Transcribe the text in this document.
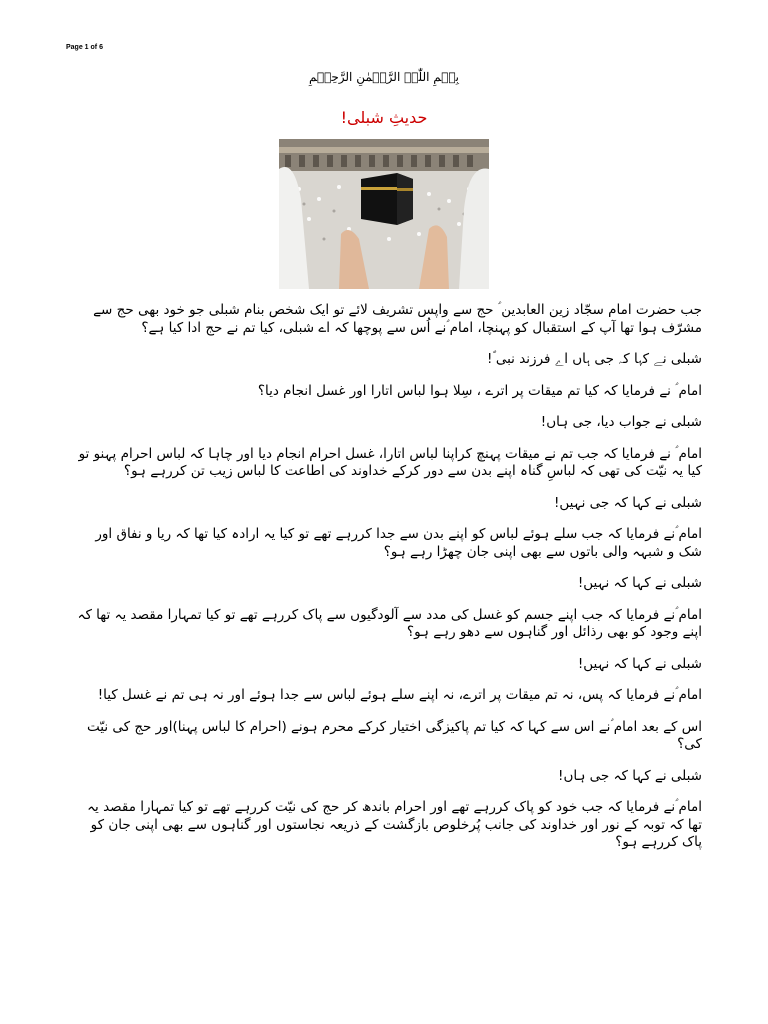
Page 1 of 6
بِسۡمِ اللّٰہِ الرَّحۡمٰنِ الرَّحِیۡمِ
حدیثِ شبلی!

جب حضرت امام سجّاد زین العابدین ؑ حج سے واپس تشریف لائے تو ایک شخص بنام شبلی جو خود بھی حج سے مشرّف ہوا تھا آپ کے استقبال کو پہنچا، امام ؑنے اُس سے پوچھا کہ اے شبلی، کیا تم نے حج ادا کیا ہے؟

شبلی نے کہا کہ جی ہاں اے فرزند نبی ؐ!

امام ؑ نے فرمایا کہ کیا تم میقات پر اترے ، سِلا ہوا لباس اتارا اور غسل انجام دیا؟

شبلی نے جواب دیا، جی ہاں!

امام ؑ نے فرمایا کہ جب تم نے میقات پہنچ کراپنا لباس اتارا، غسل احرام انجام دیا اور چاہا کہ لباس احرام پہنو تو کیا یہ نیّت کی تھی کہ لباسِ گناہ اپنے بدن سے دور کرکے خداوند کی اطاعت کا لباس زیب تن کررہے ہو؟

شبلی نے کہا کہ جی نہیں!

امام ؑنے فرمایا کہ جب سلے ہوئے لباس کو اپنے بدن سے جدا کررہے تھے تو کیا یہ ارادہ کیا تھا کہ ریا و نفاق اور شک و شبہہ والی باتوں سے بھی اپنی جان چھڑا رہے ہو؟

شبلی نے کہا کہ نہیں!

امام ؑنے فرمایا کہ جب اپنے جسم کو غسل کی مدد سے آلودگیوں سے پاک کررہے تھے تو کیا تمہارا مقصد یہ تھا کہ اپنے وجود کو بھی رذائل اور گناہوں سے دھو رہے ہو؟

شبلی نے کہا کہ نہیں!

امام ؑنے فرمایا کہ پس، نہ تم میقات پر اترے، نہ اپنے سلے ہوئے لباس سے جدا ہوئے اور نہ ہی تم نے غسل کیا!

اس کے بعد امام ؑنے اس سے کہا کہ کیا تم پاکیزگی اختیار کرکے محرم ہونے (احرام کا لباس پہنا)اور حج کی نیّت کی؟

شبلی نے کہا کہ جی ہاں!

امام ؑنے فرمایا کہ جب خود کو پاک کررہے تھے اور احرام باندھ کر حج کی نیّت کررہے تھے تو کیا تمہارا مقصد یہ تھا کہ توبہ کے نور اور خداوند کی جانب پُرخلوص بازگشت کے ذریعہ نجاستوں اور گناہوں سے بھی اپنی جان کو پاک کررہے ہو؟
